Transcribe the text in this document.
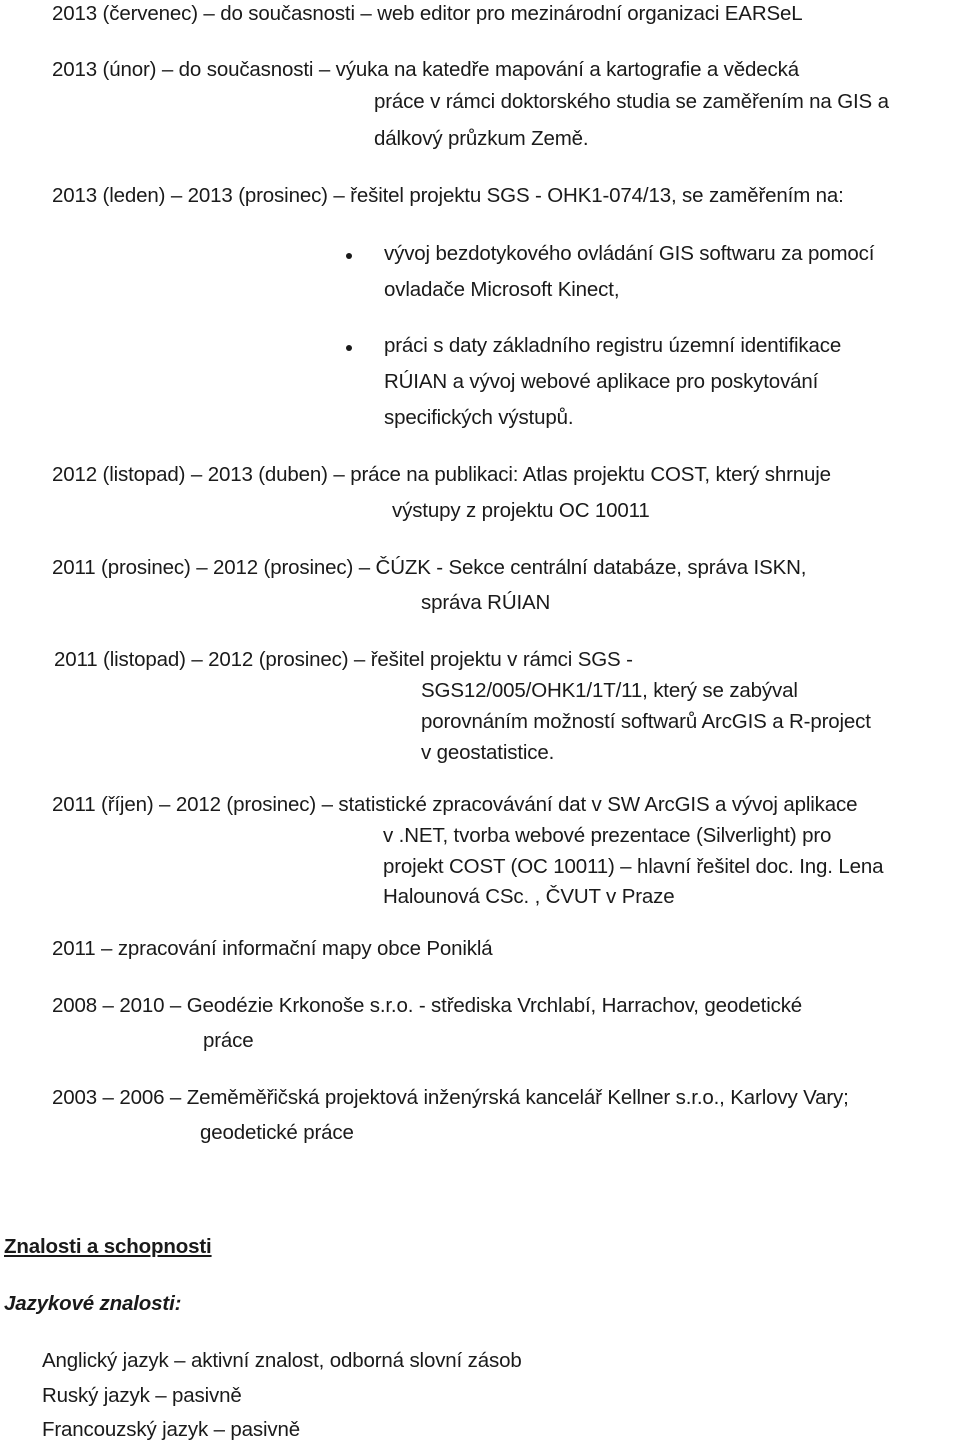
2013 (červenec) – do současnosti – web editor pro mezinárodní organizaci EARSeL
2013 (únor) – do současnosti – výuka na katedře mapování a kartografie a vědecká
práce v rámci doktorského studia se zaměřením na GIS a
dálkový průzkum Země.
2013 (leden) – 2013 (prosinec) – řešitel projektu SGS - OHK1-074/13, se zaměřením na:
vývoj bezdotykového ovládání GIS softwaru za pomocí
ovladače Microsoft Kinect,
práci s daty základního registru územní identifikace
RÚIAN a vývoj webové aplikace pro poskytování
specifických výstupů.
2012 (listopad) – 2013 (duben) – práce na publikaci: Atlas projektu COST, který shrnuje
výstupy z projektu OC 10011
2011 (prosinec) – 2012 (prosinec) – ČÚZK - Sekce centrální databáze, správa ISKN,
správa RÚIAN
2011 (listopad) – 2012 (prosinec) – řešitel projektu v rámci SGS -
SGS12/005/OHK1/1T/11, který se zabýval
porovnáním možností softwarů ArcGIS a R-project
v geostatistice.
2011 (říjen) – 2012 (prosinec) – statistické zpracovávání dat v SW ArcGIS a vývoj aplikace
v .NET, tvorba webové prezentace (Silverlight) pro
projekt COST (OC 10011) – hlavní řešitel doc. Ing. Lena
Halounová CSc. , ČVUT v Praze
2011 – zpracování informační mapy obce Poniklá
2008 – 2010 – Geodézie Krkonoše s.r.o. - střediska Vrchlabí, Harrachov, geodetické
práce
2003 – 2006 – Zeměměřičská projektová inženýrská kancelář Kellner s.r.o., Karlovy Vary;
geodetické práce
Znalosti a schopnosti
Jazykové znalosti:
Anglický jazyk – aktivní znalost, odborná slovní zásob
Ruský jazyk – pasivně
Francouzský jazyk – pasivně
